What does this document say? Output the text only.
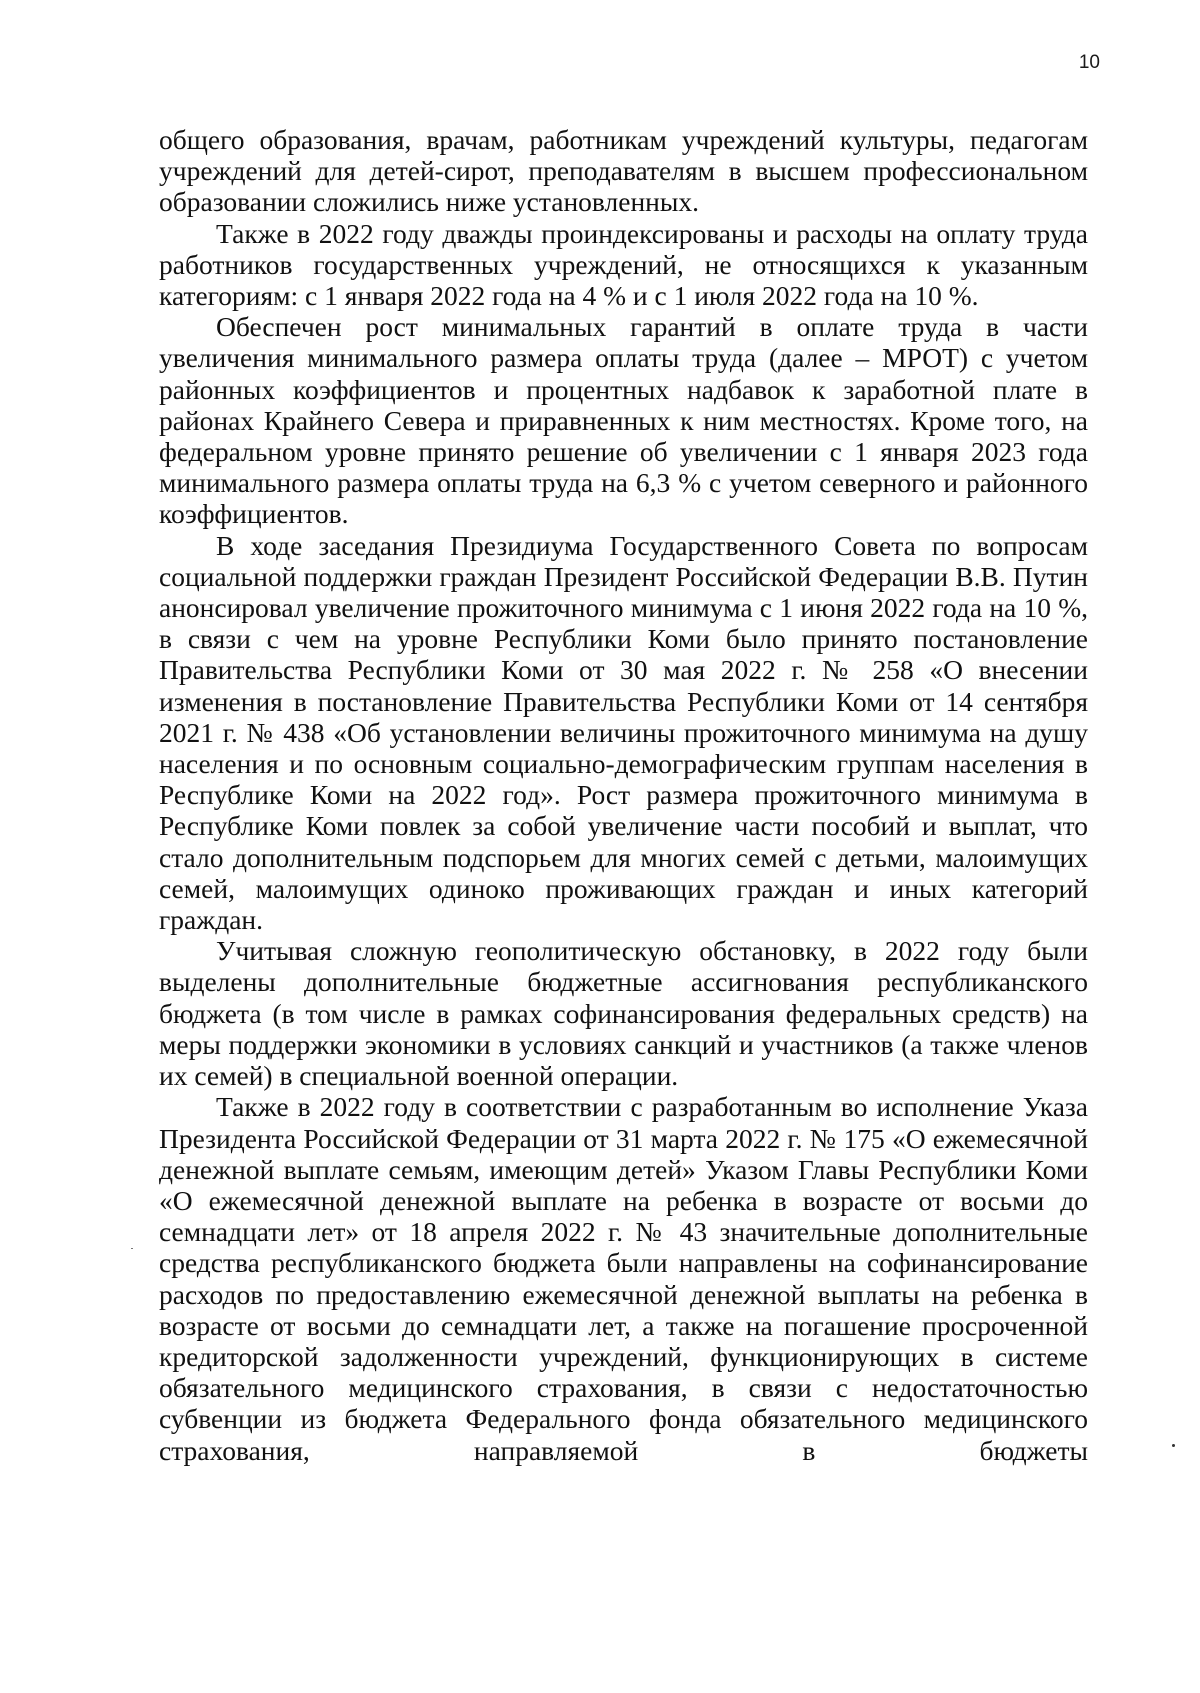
10

общего образования, врачам, работникам учреждений культуры, педагогам учреждений для детей-сирот, преподавателям в высшем профессиональном образовании сложились ниже установленных.

Также в 2022 году дважды проиндексированы и расходы на оплату труда работников государственных учреждений, не относящихся к указанным категориям: с 1 января 2022 года на 4 % и с 1 июля 2022 года на 10 %.

Обеспечен рост минимальных гарантий в оплате труда в части увеличения минимального размера оплаты труда (далее – МРОТ) с учетом районных коэффициентов и процентных надбавок к заработной плате в районах Крайнего Севера и приравненных к ним местностях. Кроме того, на федеральном уровне принято решение об увеличении с 1 января 2023 года минимального размера оплаты труда на 6,3 % с учетом северного и районного коэффициентов.

В ходе заседания Президиума Государственного Совета по вопросам социальной поддержки граждан Президент Российской Федерации В.В. Путин анонсировал увеличение прожиточного минимума с 1 июня 2022 года на 10 %, в связи с чем на уровне Республики Коми было принято постановление Правительства Республики Коми от 30 мая 2022 г. № 258 «О внесении изменения в постановление Правительства Республики Коми от 14 сентября 2021 г. № 438 «Об установлении величины прожиточного минимума на душу населения и по основным социально-демографическим группам населения в Республике Коми на 2022 год». Рост размера прожиточного минимума в Республике Коми повлек за собой увеличение части пособий и выплат, что стало дополнительным подспорьем для многих семей с детьми, малоимущих семей, малоимущих одиноко проживающих граждан и иных категорий граждан.

Учитывая сложную геополитическую обстановку, в 2022 году были выделены дополнительные бюджетные ассигнования республиканского бюджета (в том числе в рамках софинансирования федеральных средств) на меры поддержки экономики в условиях санкций и участников (а также членов их семей) в специальной военной операции.

Также в 2022 году в соответствии с разработанным во исполнение Указа Президента Российской Федерации от 31 марта 2022 г. № 175 «О ежемесячной денежной выплате семьям, имеющим детей» Указом Главы Республики Коми «О ежемесячной денежной выплате на ребенка в возрасте от восьми до семнадцати лет» от 18 апреля 2022 г. № 43 значительные дополнительные средства республиканского бюджета были направлены на софинансирование расходов по предоставлению ежемесячной денежной выплаты на ребенка в возрасте от восьми до семнадцати лет, а также на погашение просроченной кредиторской задолженности учреждений, функционирующих в системе обязательного медицинского страхования, в связи с недостаточностью субвенции из бюджета Федерального фонда обязательного медицинского страхования, направляемой в бюджеты
